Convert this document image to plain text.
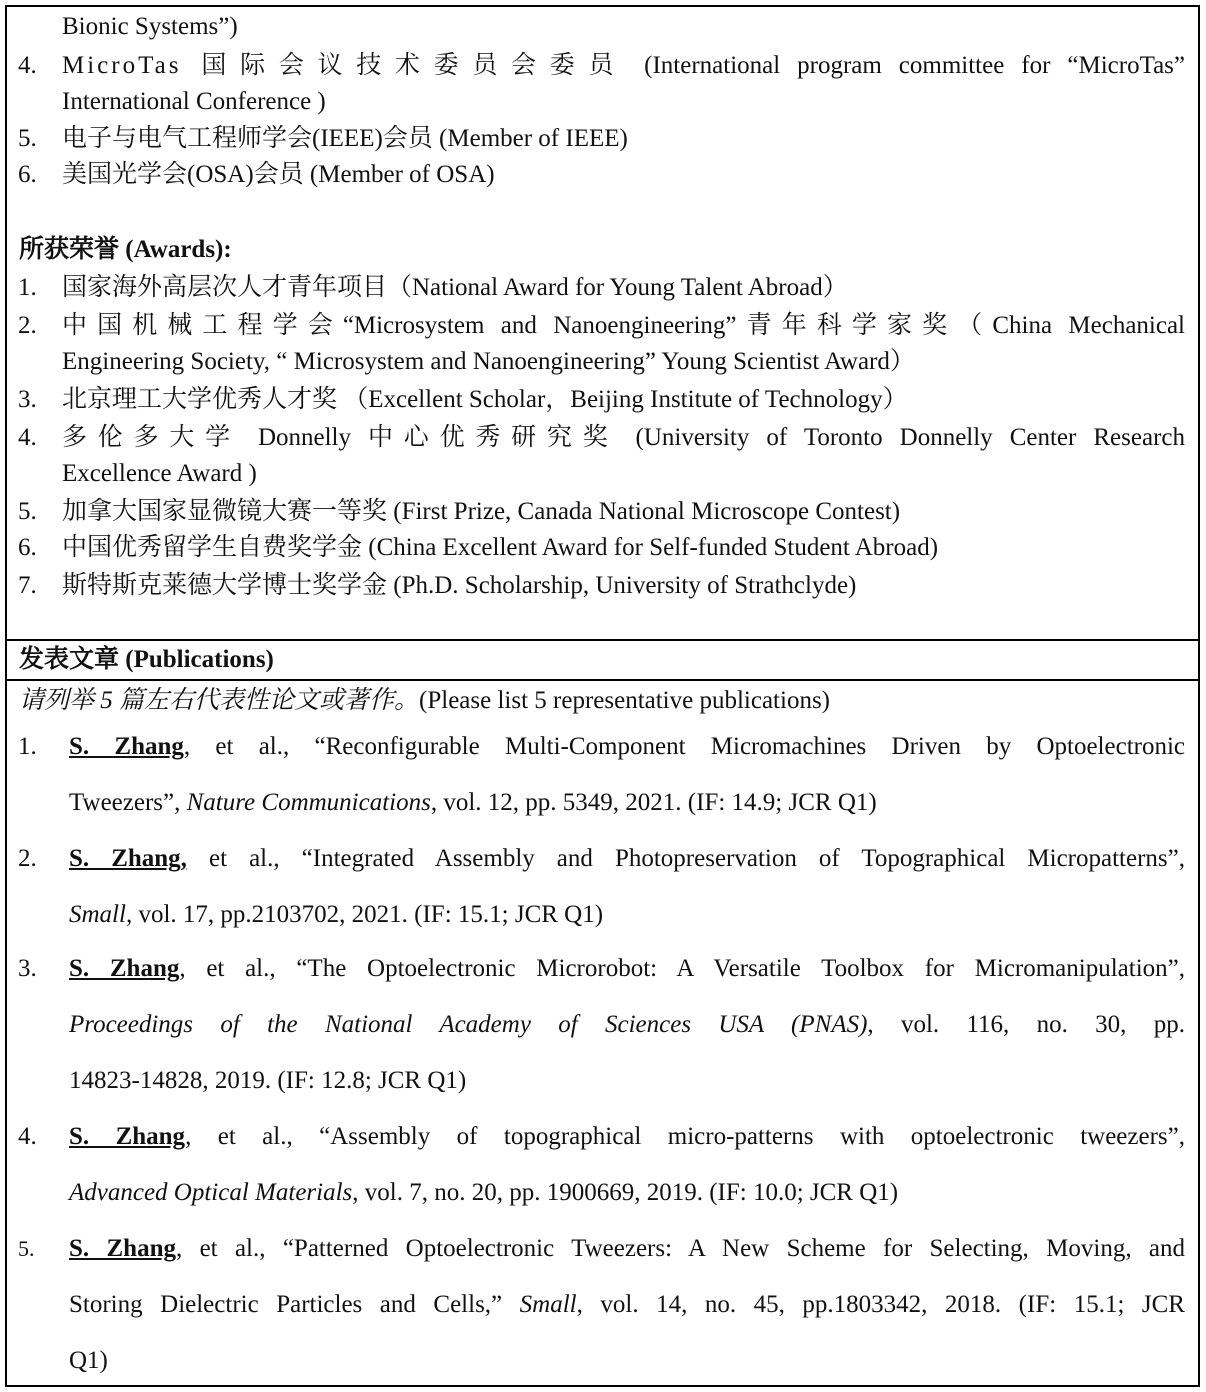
Bionic Systems”)
4. MicroTas 国际会议技术委员会委员 (International program committee for “MicroTas”
International Conference )
5. 电子与电气工程师学会(IEEE)会员 (Member of IEEE)
6. 美国光学会(OSA)会员 (Member of OSA)
所获荣誉 (Awards):
1. 国家海外高层次人才青年项目（National Award for Young Talent Abroad）
2. 中国机械工程学会“Microsystem and Nanoengineering”青年科学家奖（China Mechanical
Engineering Society, “ Microsystem and Nanoengineering” Young Scientist Award）
3. 北京理工大学优秀人才奖 （Excellent Scholar，Beijing Institute of Technology）
4. 多伦多大学 Donnelly 中心优秀研究奖 (University of Toronto Donnelly Center Research
Excellence Award )
5. 加拿大国家显微镜大赛一等奖 (First Prize, Canada National Microscope Contest)
6. 中国优秀留学生自费奖学金 (China Excellent Award for Self-funded Student Abroad)
7. 斯特斯克莱德大学博士奖学金 (Ph.D. Scholarship, University of Strathclyde)
发表文章 (Publications)
请列举 5 篇左右代表性论文或著作。(Please list 5 representative publications)
1. S. Zhang, et al., “Reconfigurable Multi-Component Micromachines Driven by Optoelectronic
Tweezers”, Nature Communications, vol. 12, pp. 5349, 2021. (IF: 14.9; JCR Q1)
2. S. Zhang, et al., “Integrated Assembly and Photopreservation of Topographical Micropatterns”,
Small, vol. 17, pp.2103702, 2021. (IF: 15.1; JCR Q1)
3. S. Zhang, et al., “The Optoelectronic Microrobot: A Versatile Toolbox for Micromanipulation”,
Proceedings of the National Academy of Sciences USA (PNAS), vol. 116, no. 30, pp.
14823-14828, 2019. (IF: 12.8; JCR Q1)
4. S. Zhang, et al., “Assembly of topographical micro-patterns with optoelectronic tweezers”,
Advanced Optical Materials, vol. 7, no. 20, pp. 1900669, 2019. (IF: 10.0; JCR Q1)
5. S. Zhang, et al., “Patterned Optoelectronic Tweezers: A New Scheme for Selecting, Moving, and
Storing Dielectric Particles and Cells,” Small, vol. 14, no. 45, pp.1803342, 2018. (IF: 15.1; JCR
Q1)
